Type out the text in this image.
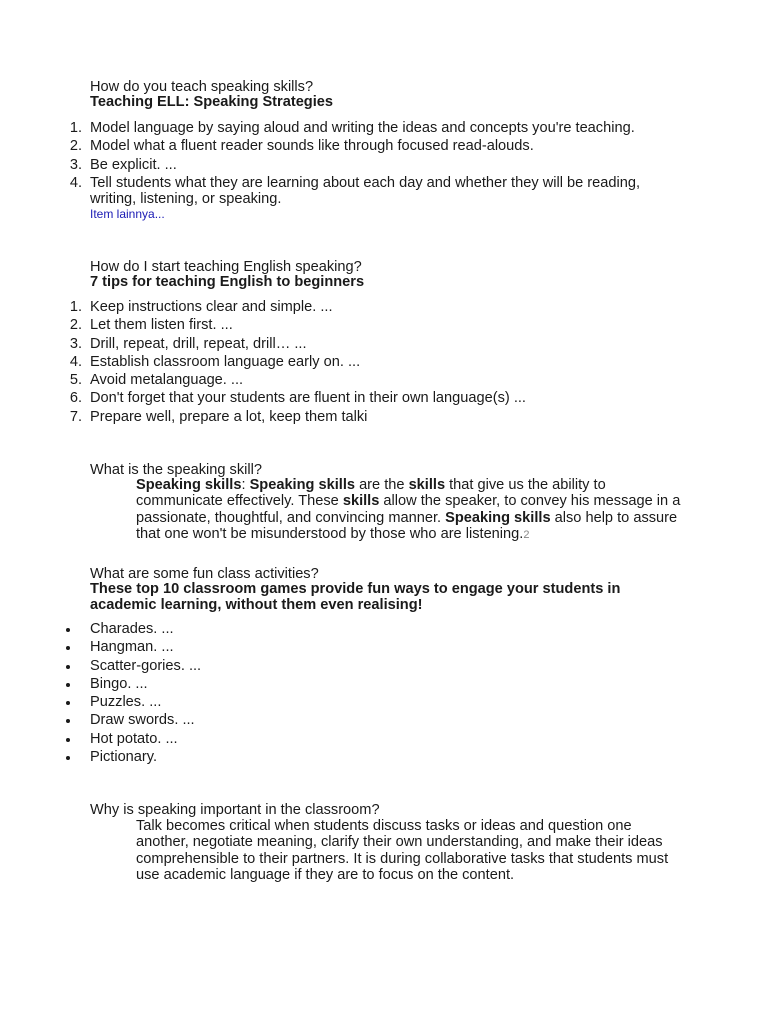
How do you teach speaking skills?
Teaching ELL: Speaking Strategies
1. Model language by saying aloud and writing the ideas and concepts you're teaching.
2. Model what a fluent reader sounds like through focused read-alouds.
3. Be explicit. ...
4. Tell students what they are learning about each day and whether they will be reading, writing, listening, or speaking.
Item lainnya...
How do I start teaching English speaking?
7 tips for teaching English to beginners
1. Keep instructions clear and simple. ...
2. Let them listen first. ...
3. Drill, repeat, drill, repeat, drill… ...
4. Establish classroom language early on. ...
5. Avoid metalanguage. ...
6. Don't forget that your students are fluent in their own language(s) ...
7. Prepare well, prepare a lot, keep them talki
What is the speaking skill?
Speaking skills: Speaking skills are the skills that give us the ability to communicate effectively. These skills allow the speaker, to convey his message in a passionate, thoughtful, and convincing manner. Speaking skills also help to assure that one won't be misunderstood by those who are listening.2
What are some fun class activities?
These top 10 classroom games provide fun ways to engage your students in academic learning, without them even realising!
Charades. ...
Hangman. ...
Scatter-gories. ...
Bingo. ...
Puzzles. ...
Draw swords. ...
Hot potato. ...
Pictionary.
Why is speaking important in the classroom?
Talk becomes critical when students discuss tasks or ideas and question one another, negotiate meaning, clarify their own understanding, and make their ideas comprehensible to their partners. It is during collaborative tasks that students must use academic language if they are to focus on the content.
